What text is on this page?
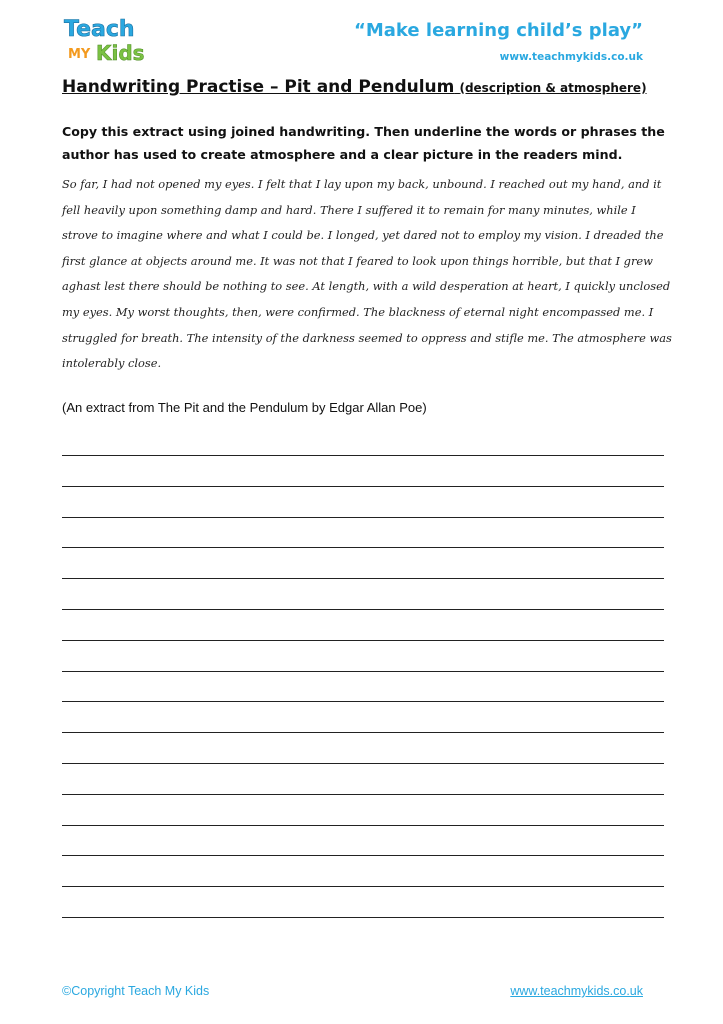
Teach
MY Kids
“Make learning child’s play”
www.teachmykids.co.uk
Handwriting Practise – Pit and Pendulum (description & atmosphere)
Copy this extract using joined handwriting. Then underline the words or phrases the author has used to create atmosphere and a clear picture in the readers mind.
So far, I had not opened my eyes. I felt that I lay upon my back, unbound. I reached out my hand, and it fell heavily upon something damp and hard. There I suffered it to remain for many minutes, while I strove to imagine where and what I could be. I longed, yet dared not to employ my vision. I dreaded the first glance at objects around me. It was not that I feared to look upon things horrible, but that I grew aghast lest there should be nothing to see. At length, with a wild desperation at heart, I quickly unclosed my eyes. My worst thoughts, then, were confirmed. The blackness of eternal night encompassed me. I struggled for breath. The intensity of the darkness seemed to oppress and stifle me. The atmosphere was intolerably close.
(An extract from The Pit and the Pendulum by Edgar Allan Poe)
©Copyright Teach My Kids	www.teachmykids.co.uk
